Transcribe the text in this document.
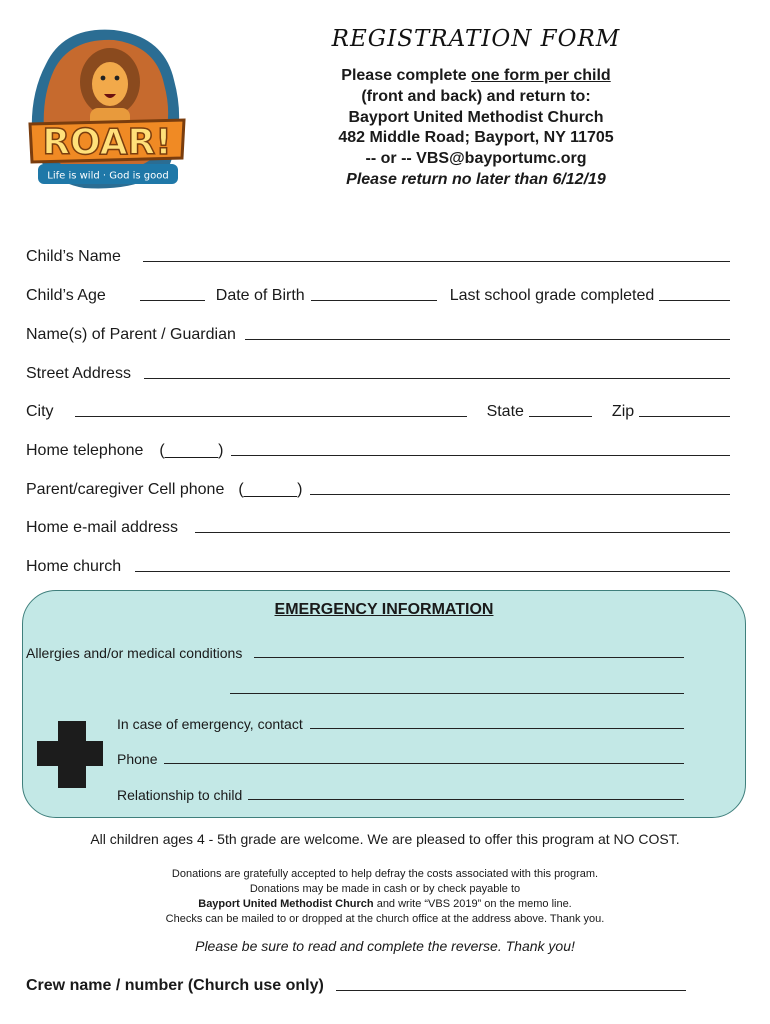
ROAR!
Life is wild · God is good
REGISTRATION FORM
Please complete one form per child
(front and back) and return to:
Bayport United Methodist Church
482 Middle Road; Bayport, NY 11705
-- or -- VBS@bayportumc.org
Please return no later than 6/12/19
Child’s Name
Child’s Age	Date of Birth	Last school grade completed
Name(s) of Parent / Guardian
Street Address
City	State	Zip
Home telephone (______)
Parent/caregiver Cell phone (______)
Home e-mail address
Home church
EMERGENCY INFORMATION
Allergies and/or medical conditions
In case of emergency, contact
Phone
Relationship to child
All children ages 4 - 5th grade are welcome. We are pleased to offer this program at NO COST.
Donations are gratefully accepted to help defray the costs associated with this program.
Donations may be made in cash or by check payable to
Bayport United Methodist Church and write “VBS 2019” on the memo line.
Checks can be mailed to or dropped at the church office at the address above. Thank you.
Please be sure to read and complete the reverse. Thank you!
Crew name / number (Church use only)
